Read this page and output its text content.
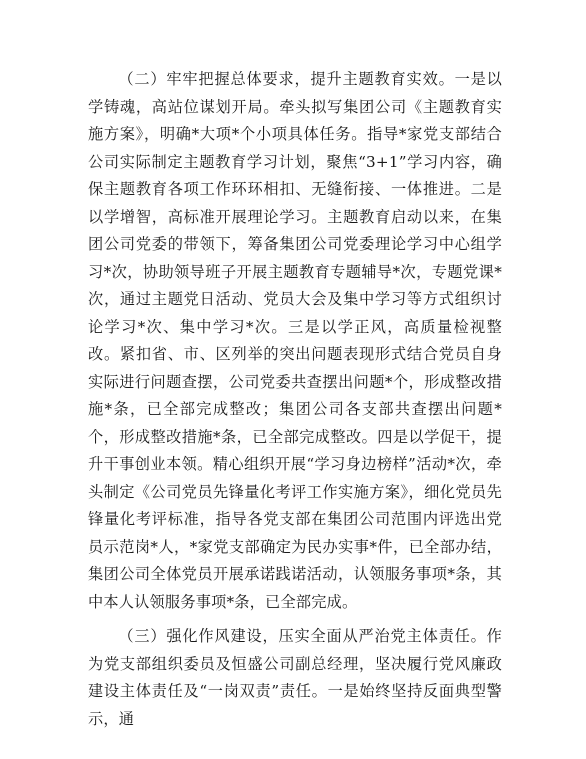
（二）牢牢把握总体要求，提升主题教育实效。一是以学铸魂，高站位谋划开局。牵头拟写集团公司《主题教育实施方案》，明确*大项*个小项具体任务。指导*家党支部结合公司实际制定主题教育学习计划，聚焦“3+1”学习内容，确保主题教育各项工作环环相扣、无缝衔接、一体推进。二是以学增智，高标准开展理论学习。主题教育启动以来，在集团公司党委的带领下，筹备集团公司党委理论学习中心组学习*次，协助领导班子开展主题教育专题辅导*次，专题党课*次，通过主题党日活动、党员大会及集中学习等方式组织讨论学习*次、集中学习*次。三是以学正风，高质量检视整改。紧扣省、市、区列举的突出问题表现形式结合党员自身实际进行问题查摆，公司党委共查摆出问题*个，形成整改措施*条，已全部完成整改；集团公司各支部共查摆出问题*个，形成整改措施*条，已全部完成整改。四是以学促干，提升干事创业本领。精心组织开展“学习身边榜样”活动*次，牵头制定《公司党员先锋量化考评工作实施方案》，细化党员先锋量化考评标准，指导各党支部在集团公司范围内评选出党员示范岗*人，*家党支部确定为民办实事*件，已全部办结，集团公司全体党员开展承诺践诺活动，认领服务事项*条，其中本人认领服务事项*条，已全部完成。

（三）强化作风建设，压实全面从严治党主体责任。作为党支部组织委员及恒盛公司副总经理，坚决履行党风廉政建设主体责任及“一岗双责”责任。一是始终坚持反面典型警示，通
